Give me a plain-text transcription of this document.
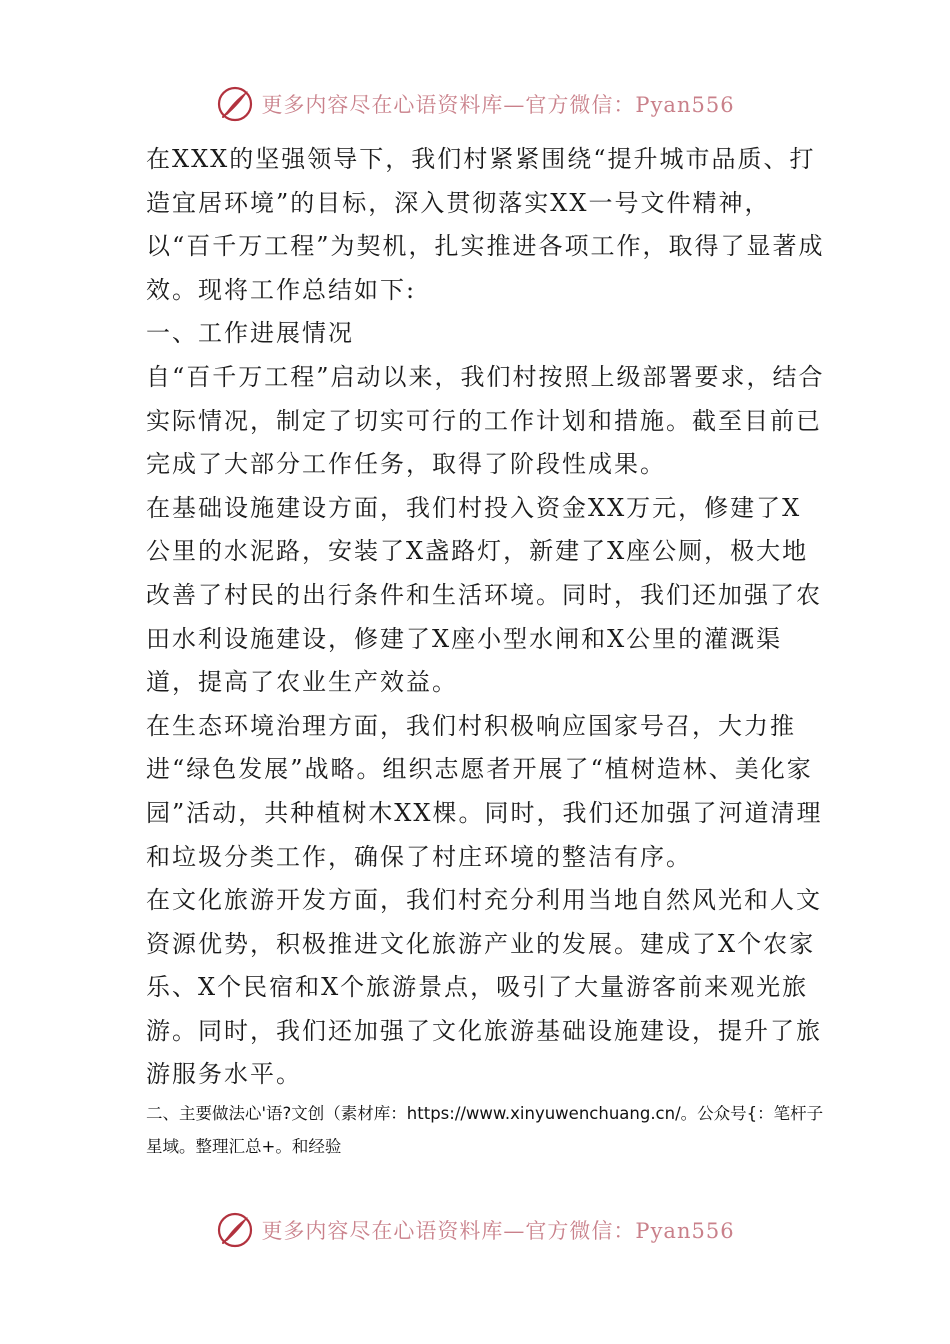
更多内容尽在心语资料库—官方微信：Pyan556

在XXX的坚强领导下，我们村紧紧围绕“提升城市品质、打造宜居环境”的目标，深入贯彻落实XX一号文件精神，以“百千万工程”为契机，扎实推进各项工作，取得了显著成效。现将工作总结如下:

一、工作进展情况

自“百千万工程”启动以来，我们村按照上级部署要求，结合实际情况，制定了切实可行的工作计划和措施。截至目前已完成了大部分工作任务，取得了阶段性成果。

在基础设施建设方面，我们村投入资金XX万元，修建了X公里的水泥路，安装了X盏路灯，新建了X座公厕，极大地改善了村民的出行条件和生活环境。同时，我们还加强了农田水利设施建设，修建了X座小型水闸和X公里的灌溉渠道，提高了农业生产效益。

在生态环境治理方面，我们村积极响应国家号召，大力推进“绿色发展”战略。组织志愿者开展了“植树造林、美化家园”活动，共种植树木XX棵。同时，我们还加强了河道清理和垃圾分类工作，确保了村庄环境的整洁有序。

在文化旅游开发方面，我们村充分利用当地自然风光和人文资源优势，积极推进文化旅游产业的发展。建成了X个农家乐、X个民宿和X个旅游景点，吸引了大量游客前来观光旅游。同时，我们还加强了文化旅游基础设施建设，提升了旅游服务水平。

二、主要做法心'语?文创（素材库：https://www.xinyuwenchuang.cn/。公众号{：笔杆子星域。整理汇总+。和经验

更多内容尽在心语资料库—官方微信：Pyan556
